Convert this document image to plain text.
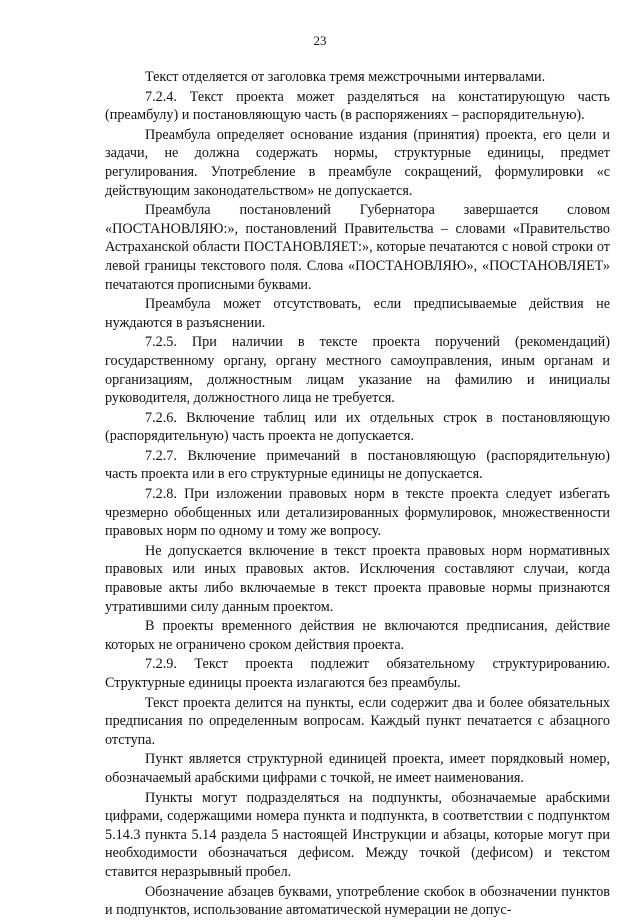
23

Текст отделяется от заголовка тремя межстрочными интервалами.

7.2.4. Текст проекта может разделяться на констатирующую часть (преамбулу) и постановляющую часть (в распоряжениях – распорядительную).

Преамбула определяет основание издания (принятия) проекта, его цели и задачи, не должна содержать нормы, структурные единицы, предмет регулирования. Употребление в преамбуле сокращений, формулировки «с действующим законодательством» не допускается.

Преамбула постановлений Губернатора завершается словом «ПОСТАНОВЛЯЮ:», постановлений Правительства – словами «Правительство Астраханской области ПОСТАНОВЛЯЕТ:», которые печатаются с новой строки от левой границы текстового поля. Слова «ПОСТАНОВЛЯЮ», «ПОСТАНОВЛЯЕТ» печатаются прописными буквами.

Преамбула может отсутствовать, если предписываемые действия не нуждаются в разъяснении.

7.2.5. При наличии в тексте проекта поручений (рекомендаций) государственному органу, органу местного самоуправления, иным органам и организациям, должностным лицам указание на фамилию и инициалы руководителя, должностного лица не требуется.

7.2.6. Включение таблиц или их отдельных строк в постановляющую (распорядительную) часть проекта не допускается.

7.2.7. Включение примечаний в постановляющую (распорядительную) часть проекта или в его структурные единицы не допускается.

7.2.8. При изложении правовых норм в тексте проекта следует избегать чрезмерно обобщенных или детализированных формулировок, множественности правовых норм по одному и тому же вопросу.

Не допускается включение в текст проекта правовых норм нормативных правовых или иных правовых актов. Исключения составляют случаи, когда правовые акты либо включаемые в текст проекта правовые нормы признаются утратившими силу данным проектом.

В проекты временного действия не включаются предписания, действие которых не ограничено сроком действия проекта.

7.2.9. Текст проекта подлежит обязательному структурированию. Структурные единицы проекта излагаются без преамбулы.

Текст проекта делится на пункты, если содержит два и более обязательных предписания по определенным вопросам. Каждый пункт печатается с абзацного отступа.

Пункт является структурной единицей проекта, имеет порядковый номер, обозначаемый арабскими цифрами с точкой, не имеет наименования.

Пункты могут подразделяться на подпункты, обозначаемые арабскими цифрами, содержащими номера пункта и подпункта, в соответствии с подпунктом 5.14.3 пункта 5.14 раздела 5 настоящей Инструкции и абзацы, которые могут при необходимости обозначаться дефисом. Между точкой (дефисом) и текстом ставится неразрывный пробел.

Обозначение абзацев буквами, употребление скобок в обозначении пунктов и подпунктов, использование автоматической нумерации не допус-
